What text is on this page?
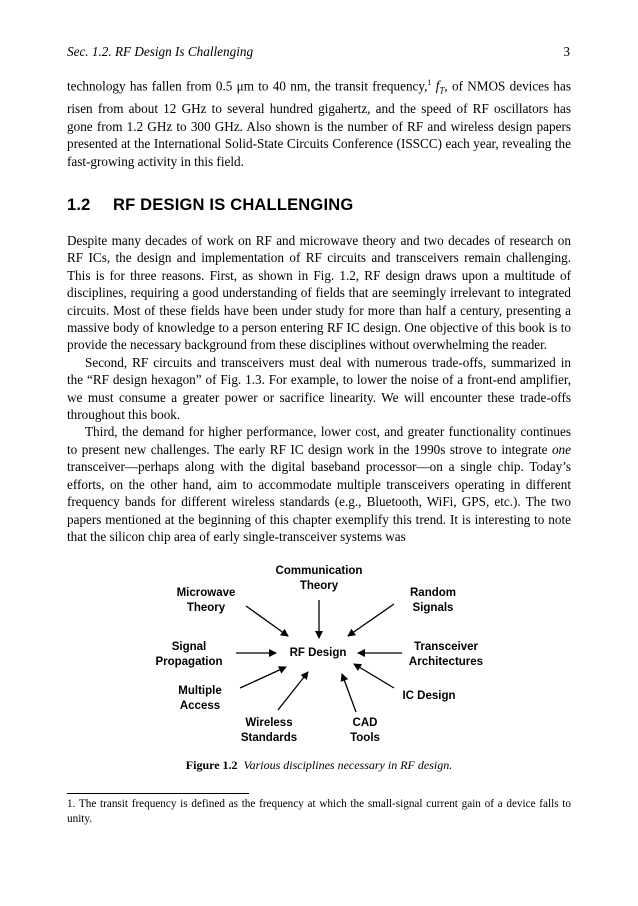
Sec. 1.2. RF Design Is Challenging	3

technology has fallen from 0.5 μm to 40 nm, the transit frequency,$^1$ $f_T$, of NMOS devices has risen from about 12 GHz to several hundred gigahertz, and the speed of RF oscillators has gone from 1.2 GHz to 300 GHz. Also shown is the number of RF and wireless design papers presented at the International Solid-State Circuits Conference (ISSCC) each year, revealing the fast-growing activity in this field.

1.2 RF DESIGN IS CHALLENGING

Despite many decades of work on RF and microwave theory and two decades of research on RF ICs, the design and implementation of RF circuits and transceivers remain challenging. This is for three reasons. First, as shown in Fig. 1.2, RF design draws upon a multitude of disciplines, requiring a good understanding of fields that are seemingly irrelevant to integrated circuits. Most of these fields have been under study for more than half a century, presenting a massive body of knowledge to a person entering RF IC design. One objective of this book is to provide the necessary background from these disciplines without overwhelming the reader.

Second, RF circuits and transceivers must deal with numerous trade-offs, summarized in the “RF design hexagon” of Fig. 1.3. For example, to lower the noise of a front-end amplifier, we must consume a greater power or sacrifice linearity. We will encounter these trade-offs throughout this book.

Third, the demand for higher performance, lower cost, and greater functionality continues to present new challenges. The early RF IC design work in the 1990s strove to integrate one transceiver—perhaps along with the digital baseband processor—on a single chip. Today’s efforts, on the other hand, aim to accommodate multiple transceivers operating in different frequency bands for different wireless standards (e.g., Bluetooth, WiFi, GPS, etc.). The two papers mentioned at the beginning of this chapter exemplify this trend. It is interesting to note that the silicon chip area of early single-transceiver systems was

RF Design
Communication
Theory
Microwave
Theory
Random
Signals
Signal
Propagation
Transceiver
Architectures
Multiple
Access
IC Design
Wireless
Standards
CAD
Tools
Figure 1.2 Various disciplines necessary in RF design.
1. The transit frequency is defined as the frequency at which the small-signal current gain of a device falls to unity.
